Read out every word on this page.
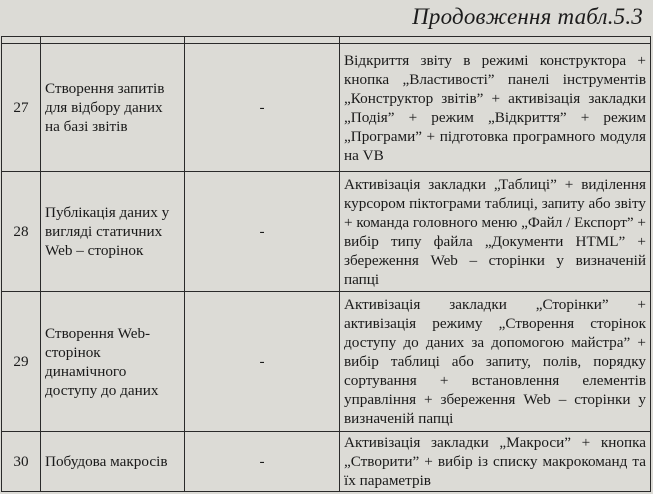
Продовження табл.5.3

27	Створення запитів для відбору даних на базі звітів	-	Відкриття звіту в режимі конструктора + кнопка „Властивості” панелі інструментів „Конструктор звітів” + активізація закладки „Подія” + режим „Відкриття” + режим „Програми” + підготовка програмного модуля на VB
28	Публікація даних у вигляді статичних Web – сторінок	-	Активізація закладки „Таблиці” + виділення курсором піктограми таблиці, запиту або звіту + команда головного меню „Файл / Експорт” + вибір типу файла „Документи HTML” + збереження Web – сторінки у визначеній папці
29	Створення Web-сторінок динамічного доступу до даних	-	Активізація закладки „Сторінки” + активізація режиму „Створення сторінок доступу до даних за допомогою майстра” + вибір таблиці або запиту, полів, порядку сортування + встановлення елементів управління + збереження Web – сторінки у визначеній папці
30	Побудова макросів	-	Активізація закладки „Макроси” + кнопка „Створити” + вибір із списку макрокоманд та їх параметрів
